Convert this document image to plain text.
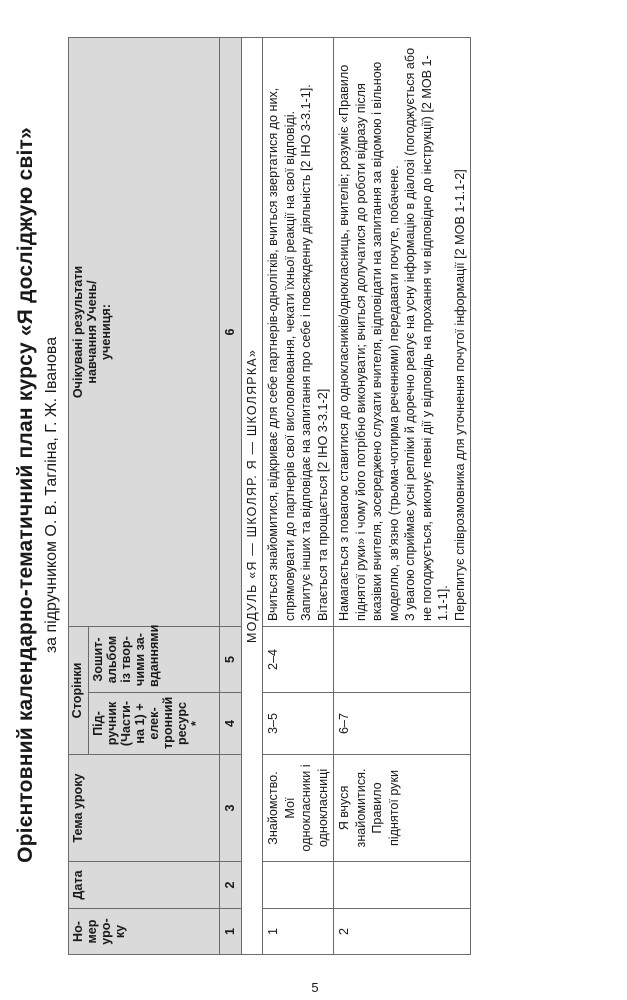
Орієнтовний календарно-тематичний план курсу «Я досліджую світ» за підручником О. В. Тагліна, Г. Ж. Іванова
Но-мер уро-ку	Дата	Тема уроку	Сторінки		Очікувані результати навчання Учень/учениця:

			Під-ручник (Части-на 1) + елек-тронний ресурс *	Зошит-альбом із твор-чими за-вданнями	
1	2	3	4	5	6
МОДУЛЬ «Я — ШКОЛЯР. Я — ШКОЛЯРКА»					
1		Знайомство. Мої однокласники і однокласниці	3–5	2–4	Вчиться знайомитися, відкриває для себе партнерів-однолітків, вчиться звертатися до них, спрямовувати до партнерів свої висловлювання, чекати їхньої реакції на свої відповіді. Запитує інших та відповідає на запитання про себе і повсякденну діяльність [2 ІНО 3-3.1-1]. Вітається та прощається [2 ІНО 3-3.1-2]

2		Я вчуся знайомитися. Правило піднятої руки	6–7		Намагається з повагою ставитися до однокласників/однокласниць, вчителів; розуміє «Правило піднятої руки» і чому його потрібно виконувати; вчиться долучатися до роботи відразу після вказівки вчителя, зосереджено слухати вчителя, відповідати на запитання за відомою і вільною моделлю, зв’язно (трьома-чотирма реченнями) передавати почуте, побачене. З увагою сприймає усні репліки й доречно реагує на усну інформацію в діалозі (погоджується або не погоджується, виконує певні дії у відповідь на прохання чи відповідно до інструкції) [2 МОВ 1-1.1-1]. Перепитує співрозмовника для уточнення почутої інформації [2 МОВ 1-1.1-2]

5
